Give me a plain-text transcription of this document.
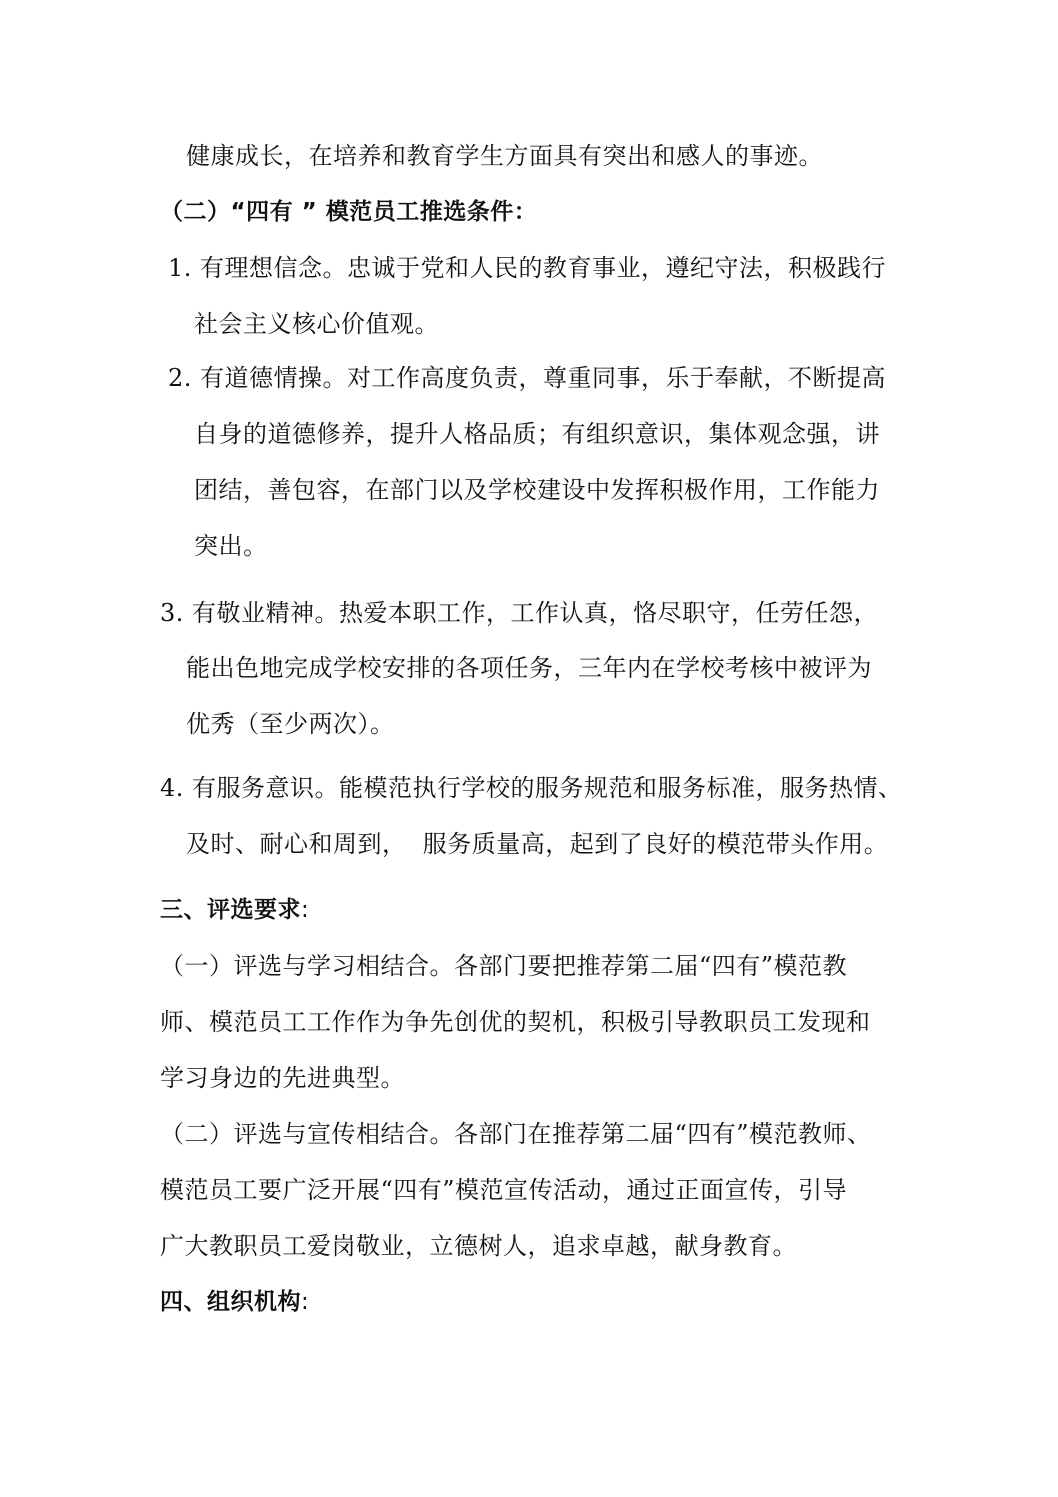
健康成长，在培养和教育学生方面具有突出和感人的事迹。
（二）“四有 ” 模范员工推选条件：
1. 有理想信念。忠诚于党和人民的教育事业，遵纪守法，积极践行
社会主义核心价值观。
2. 有道德情操。对工作高度负责，尊重同事，乐于奉献，不断提高
自身的道德修养，提升人格品质；有组织意识，集体观念强，讲
团结，善包容，在部门以及学校建设中发挥积极作用，工作能力
突出。
3. 有敬业精神。热爱本职工作，工作认真，恪尽职守，任劳任怨，
能出色地完成学校安排的各项任务，三年内在学校考核中被评为
优秀（至少两次）。
4. 有服务意识。能模范执行学校的服务规范和服务标准，服务热情、
及时、耐心和周到，  服务质量高，起到了良好的模范带头作用。
三、评选要求:
（一）评选与学习相结合。各部门要把推荐第二届“四有”模范教
师、模范员工工作作为争先创优的契机，积极引导教职员工发现和
学习身边的先进典型。
（二）评选与宣传相结合。各部门在推荐第二届“四有”模范教师、
模范员工要广泛开展“四有”模范宣传活动，通过正面宣传，引导
广大教职员工爱岗敬业，立德树人，追求卓越，献身教育。
四、组织机构:
